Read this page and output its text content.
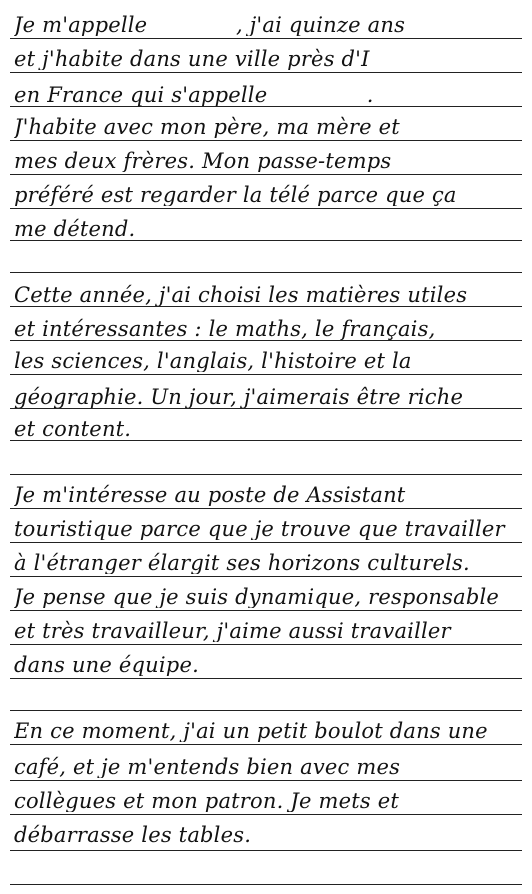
Je m'appelle _______ , j'ai quinze ans
et j'habite dans une ville près d'I ___
en France qui s'appelle ________ .
J'habite avec mon père, ma mère et
mes deux frères. Mon passe-temps
préféré est regarder la télé parce que ça
me détend.
Cette année, j'ai choisi les matières utiles
et intéressantes : le maths, le français,
les sciences, l'anglais, l'histoire et la
géographie. Un jour, j'aimerais être riche
et content.
Je m'intéresse au poste de Assistant
touristique parce que je trouve que travailler
à l'étranger élargit ses horizons culturels.
Je pense que je suis dynamique, responsable
et très travailleur, j'aime aussi travailler
dans une équipe.
En ce moment, j'ai un petit boulot dans une
café, et je m'entends bien avec mes
collègues et mon patron. Je mets et
débarrasse les tables.
